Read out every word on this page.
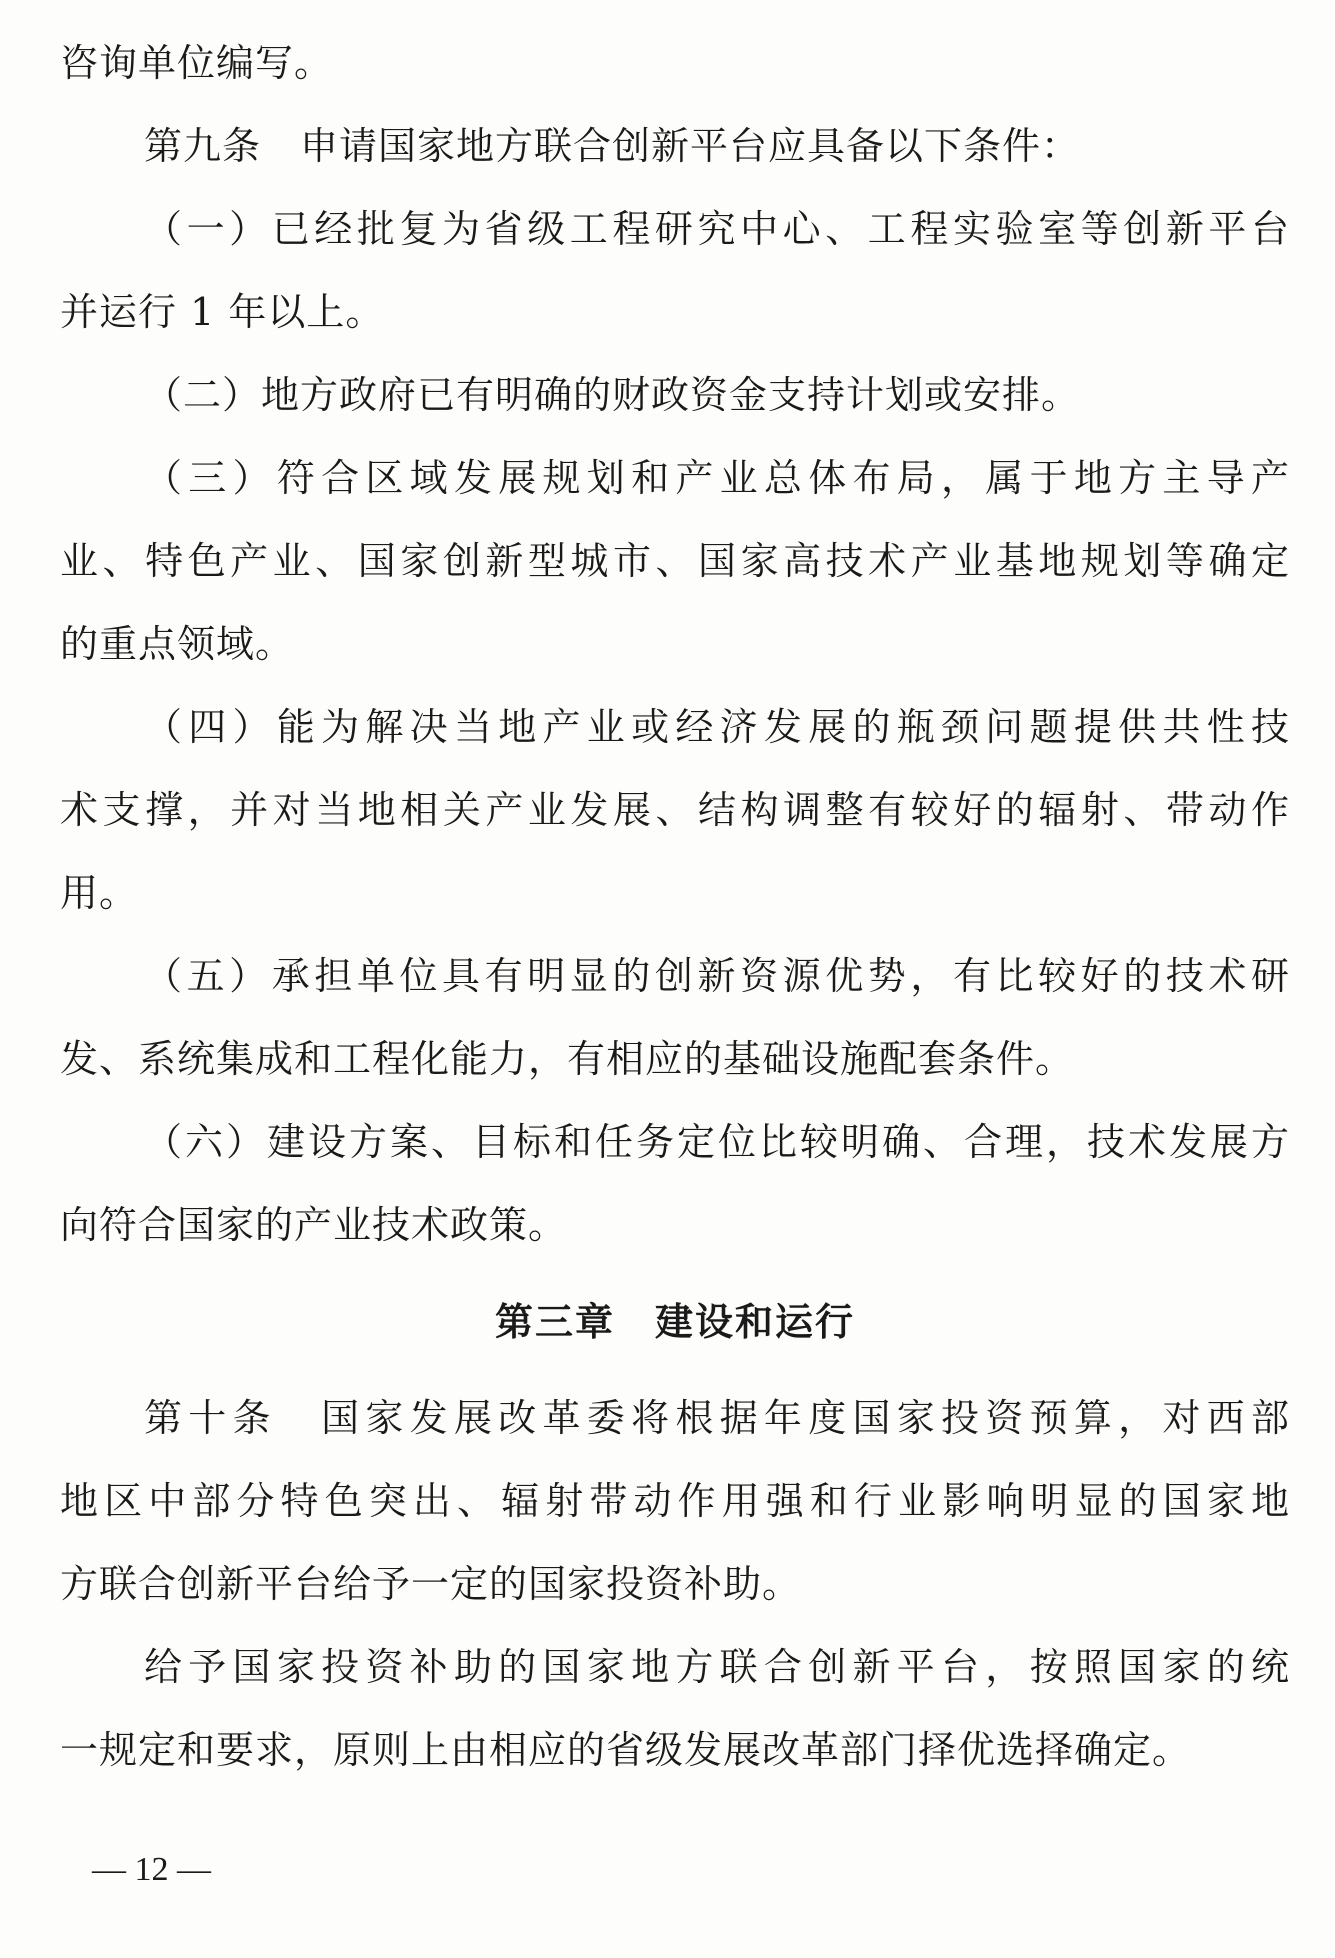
咨询单位编写。
第九条　申请国家地方联合创新平台应具备以下条件：
（一）已经批复为省级工程研究中心、工程实验室等创新平台
并运行 1 年以上。
（二）地方政府已有明确的财政资金支持计划或安排。
（三）符合区域发展规划和产业总体布局，属于地方主导产
业、特色产业、国家创新型城市、国家高技术产业基地规划等确定
的重点领域。
（四）能为解决当地产业或经济发展的瓶颈问题提供共性技
术支撑，并对当地相关产业发展、结构调整有较好的辐射、带动作
用。
（五）承担单位具有明显的创新资源优势，有比较好的技术研
发、系统集成和工程化能力，有相应的基础设施配套条件。
（六）建设方案、目标和任务定位比较明确、合理，技术发展方
向符合国家的产业技术政策。
第三章　建设和运行
第十条　国家发展改革委将根据年度国家投资预算，对西部
地区中部分特色突出、辐射带动作用强和行业影响明显的国家地
方联合创新平台给予一定的国家投资补助。
给予国家投资补助的国家地方联合创新平台，按照国家的统
一规定和要求，原则上由相应的省级发展改革部门择优选择确定。
— 12 —
